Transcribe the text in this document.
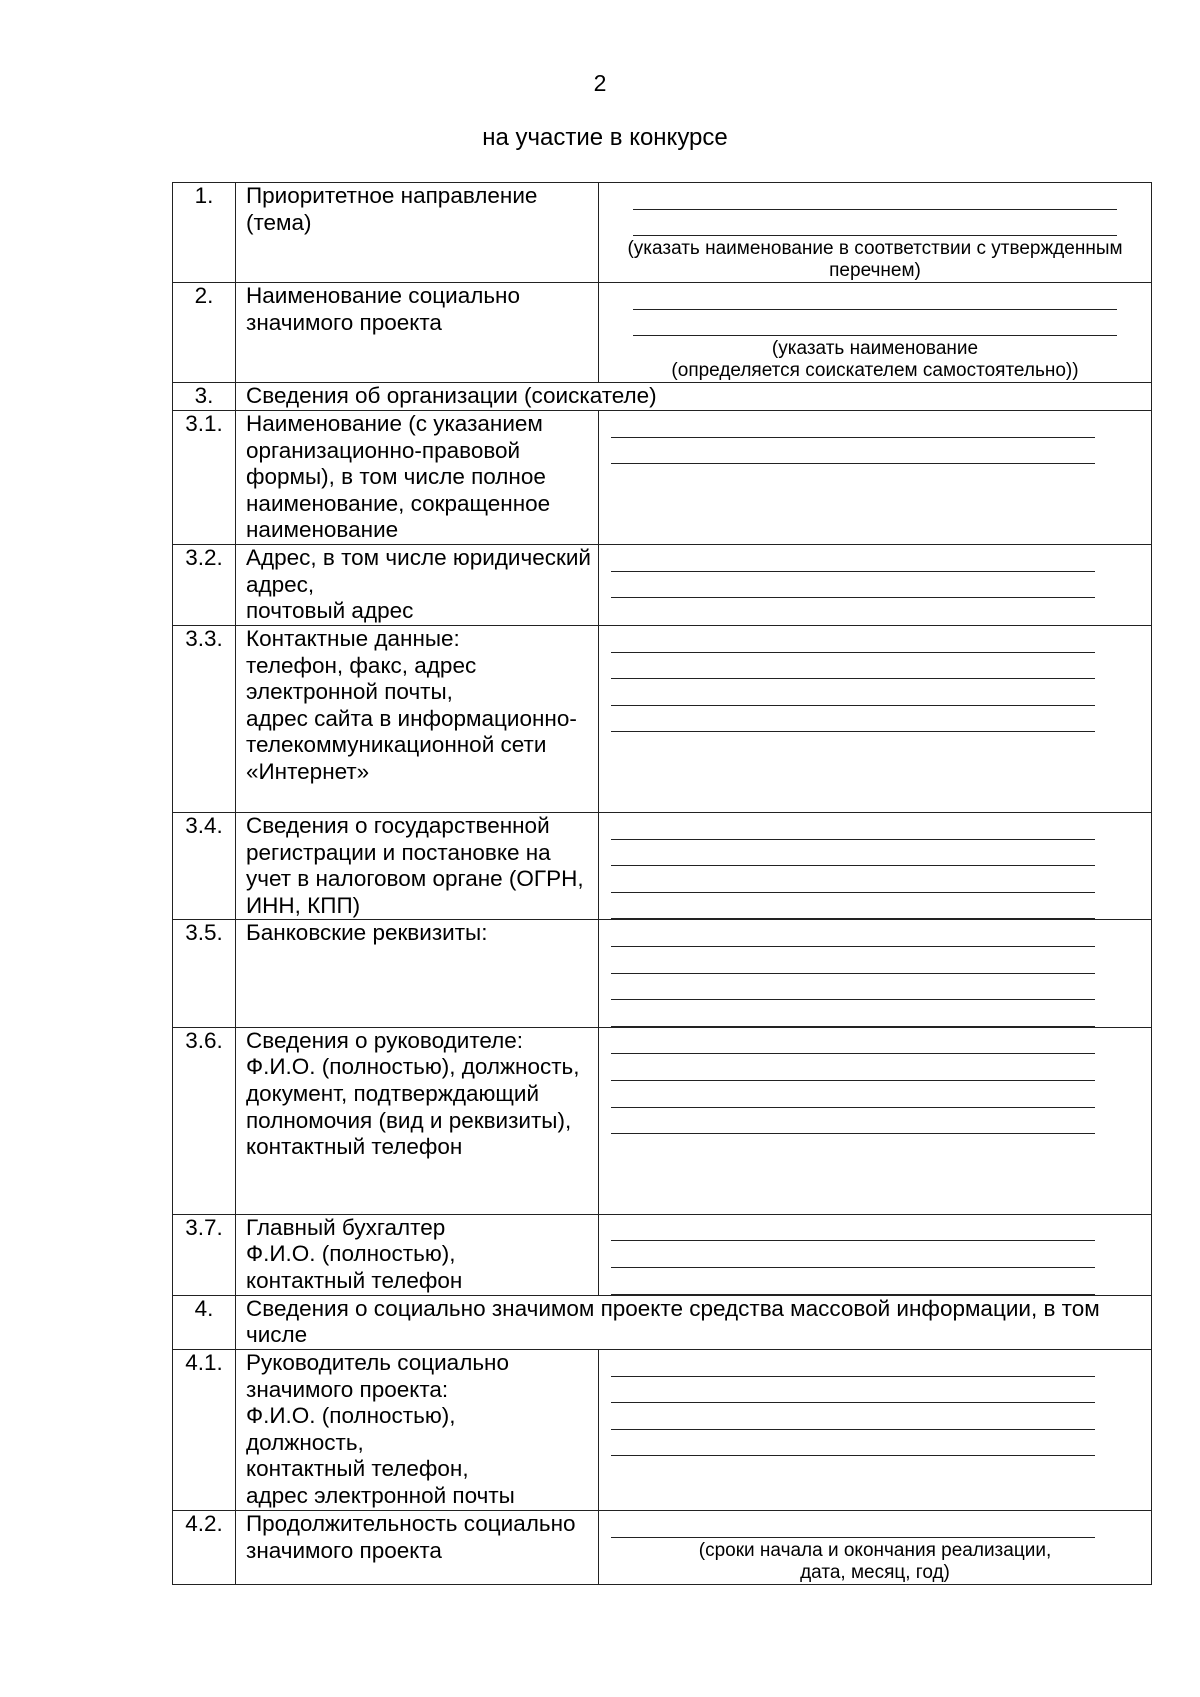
2
на участие в конкурсе
1.	Приоритетное направление (тема)	(указать наименование в соответствии с утвержденным перечнем)

2.	Наименование социально значимого проекта	(указать наименование
(определяется соискателем самостоятельно))

3.	Сведения об организации (соискателе)	
3.1.	Наименование (с указанием организационно-правовой формы), в том числе полное наименование, сокращенное наименование	

3.2.	Адрес, в том числе юридический адрес,
почтовый адрес	

3.3.	Контактные данные:
телефон, факс, адрес электронной почты,
адрес сайта в информационно-телекоммуникационной сети «Интернет»	

3.4.	Сведения о государственной регистрации и постановке на учет в налоговом органе (ОГРН, ИНН, КПП)	

3.5.	Банковские реквизиты:	

3.6.	Сведения о руководителе:
Ф.И.О. (полностью), должность, документ, подтверждающий полномочия (вид и реквизиты), контактный телефон	

3.7.	Главный бухгалтер
Ф.И.О. (полностью),
контактный телефон	

4.	Сведения о социально значимом проекте средства массовой информации, в том числе	
4.1.	Руководитель социально значимого проекта:
Ф.И.О. (полностью),
должность,
контактный телефон,
адрес электронной почты	

4.2.	Продолжительность социально значимого проекта	(сроки начала и окончания реализации,
дата, месяц, год)
